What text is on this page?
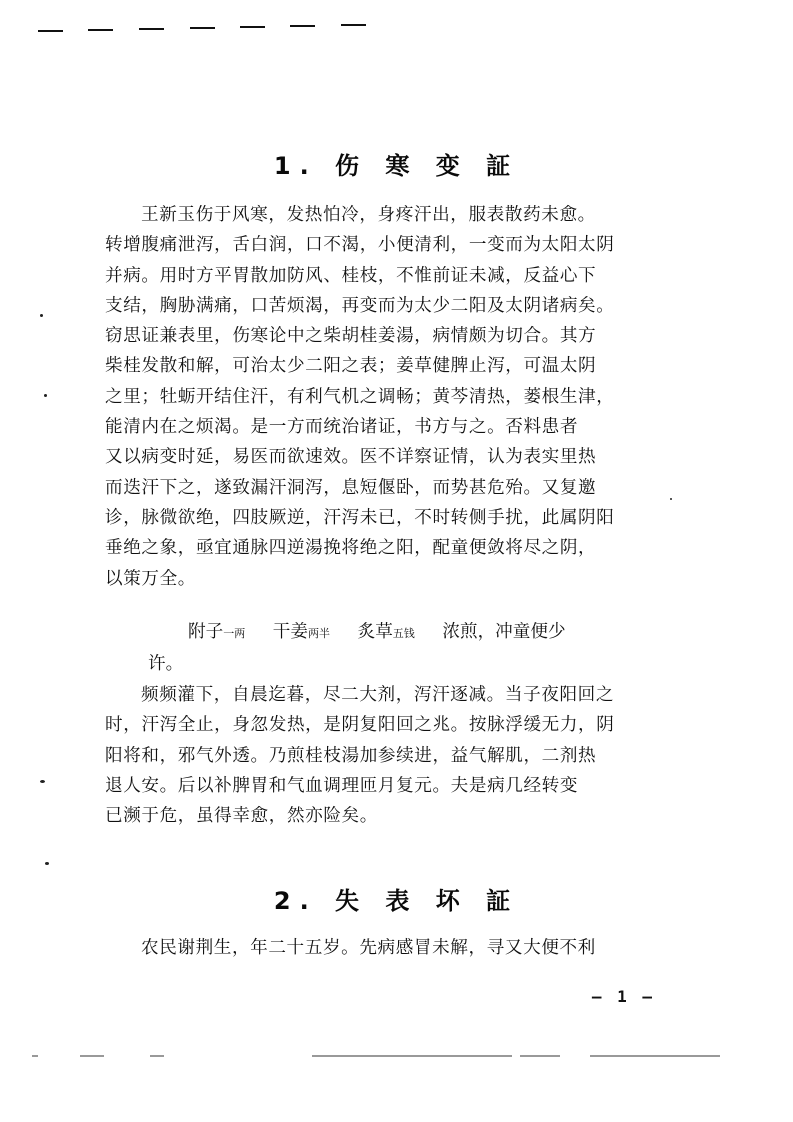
1. 伤 寒 变 証
王新玉伤于风寒，发热怕冷，身疼汗出，服表散药未愈。
转增腹痛泄泻，舌白润，口不渴，小便清利，一变而为太阳太阴
并病。用时方平胃散加防风、桂枝，不惟前证未减，反益心下
支结，胸胁满痛，口苦烦渴，再变而为太少二阳及太阴诸病矣。
窃思证兼表里，伤寒论中之柴胡桂姜湯，病情颇为切合。其方
柴桂发散和解，可治太少二阳之表；姜草健脾止泻，可温太阴
之里；牡蛎开结住汗，有利气机之调畅；黄芩清热，蒌根生津，
能清内在之烦渴。是一方而统治诸证，书方与之。否料患者
又以病变时延，易医而欲速效。医不详察证情，认为表实里热
而迭汗下之，遂致漏汗洞泻，息短偃卧，而势甚危殆。又复邀
诊，脉微欲绝，四肢厥逆，汗泻未已，不时转侧手扰，此属阴阳
垂绝之象，亟宜通脉四逆湯挽将绝之阳，配童便敛将尽之阴，
以策万全。
附子一两 干姜两半 炙草五钱 浓煎，冲童便少
许。
频频灌下，自晨迄暮，尽二大剂，泻汗逐减。当子夜阳回之
时，汗泻全止，身忽发热，是阴复阳回之兆。按脉浮缓无力，阴
阳将和，邪气外透。乃煎桂枝湯加参续进，益气解肌，二剂热
退人安。后以补脾胃和气血调理匝月复元。夫是病几经转变
已濒于危，虽得幸愈，然亦险矣。
2. 失 表 坏 証
农民谢荆生，年二十五岁。先病感冒未解，寻又大便不利
— 1 —
